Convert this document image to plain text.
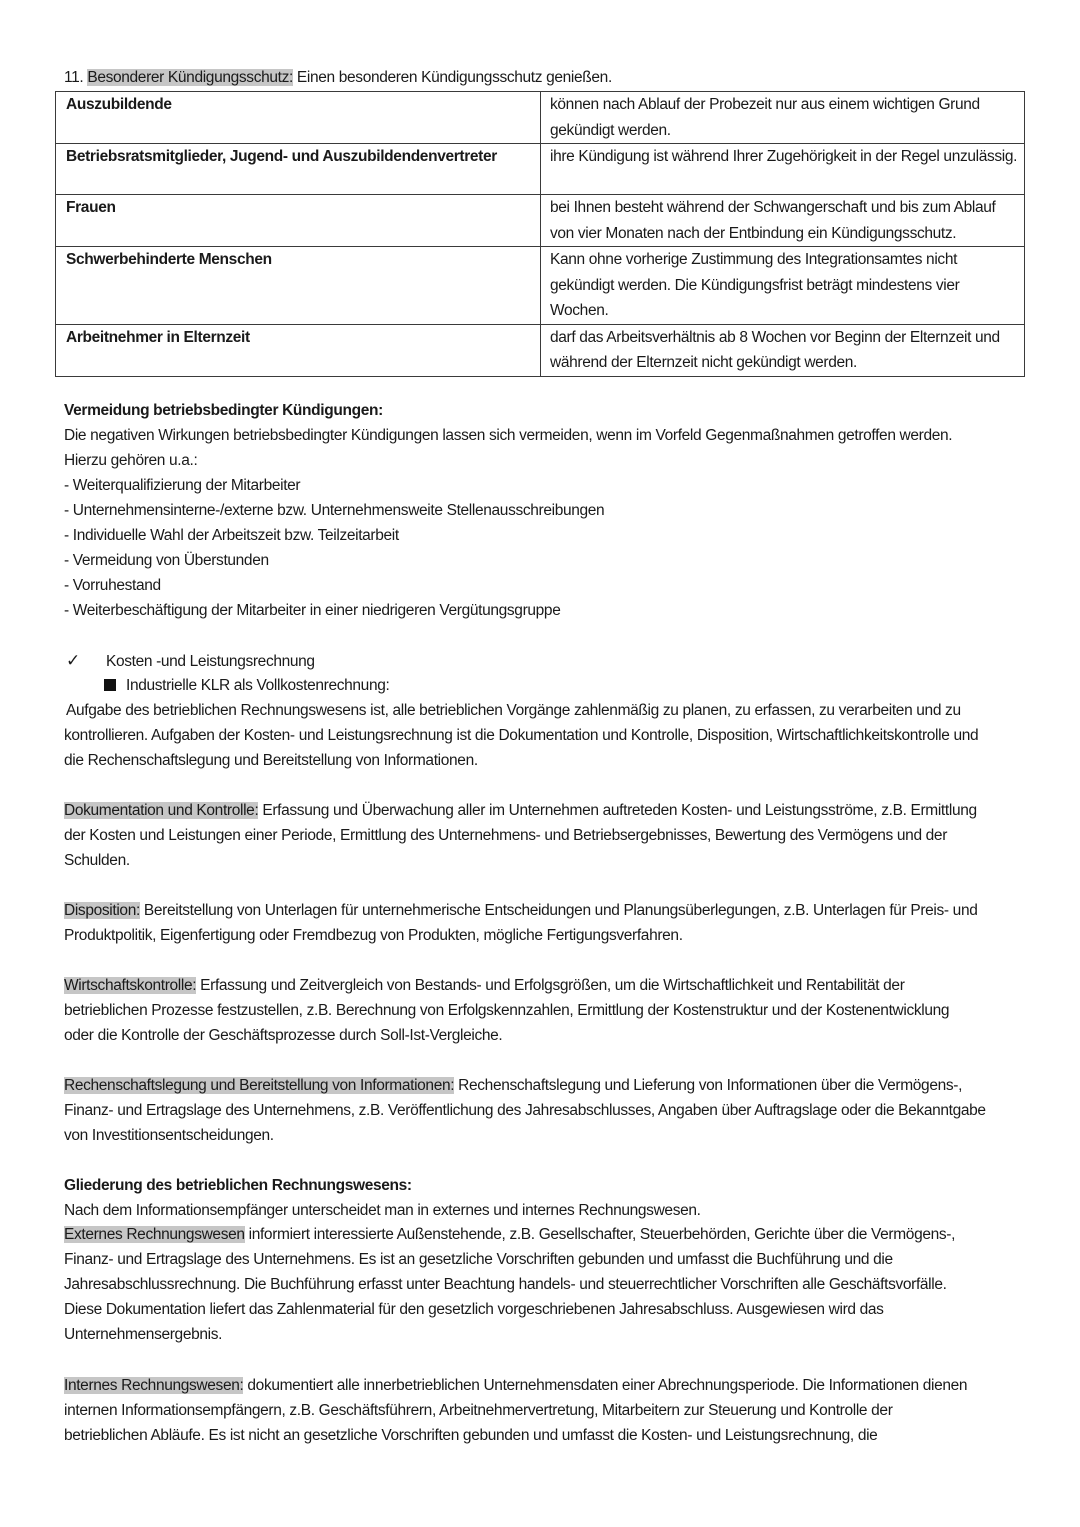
11. Besonderer Kündigungsschutz: Einen besonderen Kündigungsschutz genießen.
Auszubildende	können nach Ablauf der Probezeit nur aus einem wichtigen Grund gekündigt werden.
Betriebsratsmitglieder, Jugend- und Auszubildendenvertreter	ihre Kündigung ist während Ihrer Zugehörigkeit in der Regel unzulässig.
Frauen	bei Ihnen besteht während der Schwangerschaft und bis zum Ablauf von vier Monaten nach der Entbindung ein Kündigungsschutz.
Schwerbehinderte Menschen	Kann ohne vorherige Zustimmung des Integrationsamtes nicht gekündigt werden. Die Kündigungsfrist beträgt mindestens vier Wochen.
Arbeitnehmer in Elternzeit	darf das Arbeitsverhältnis ab 8 Wochen vor Beginn der Elternzeit und während der Elternzeit nicht gekündigt werden.
Vermeidung betriebsbedingter Kündigungen:
Die negativen Wirkungen betriebsbedingter Kündigungen lassen sich vermeiden, wenn im Vorfeld Gegenmaßnahmen getroffen werden.
Hierzu gehören u.a.:
- Weiterqualifizierung der Mitarbeiter
- Unternehmensinterne-/externe bzw. Unternehmensweite Stellenausschreibungen
- Individuelle Wahl der Arbeitszeit bzw. Teilzeitarbeit
- Vermeidung von Überstunden
- Vorruhestand
- Weiterbeschäftigung der Mitarbeiter in einer niedrigeren Vergütungsgruppe
✓ Kosten -und Leistungsrechnung
Industrielle KLR als Vollkostenrechnung:
Aufgabe des betrieblichen Rechnungswesens ist, alle betrieblichen Vorgänge zahlenmäßig zu planen, zu erfassen, zu verarbeiten und zu
kontrollieren. Aufgaben der Kosten- und Leistungsrechnung ist die Dokumentation und Kontrolle, Disposition, Wirtschaftlichkeitskontrolle und
die Rechenschaftslegung und Bereitstellung von Informationen.
Dokumentation und Kontrolle: Erfassung und Überwachung aller im Unternehmen auftreteden Kosten- und Leistungsströme, z.B. Ermittlung
der Kosten und Leistungen einer Periode, Ermittlung des Unternehmens- und Betriebsergebnisses, Bewertung des Vermögens und der
Schulden.
Disposition: Bereitstellung von Unterlagen für unternehmerische Entscheidungen und Planungsüberlegungen, z.B. Unterlagen für Preis- und
Produktpolitik, Eigenfertigung oder Fremdbezug von Produkten, mögliche Fertigungsverfahren.
Wirtschaftskontrolle: Erfassung und Zeitvergleich von Bestands- und Erfolgsgrößen, um die Wirtschaftlichkeit und Rentabilität der
betrieblichen Prozesse festzustellen, z.B. Berechnung von Erfolgskennzahlen, Ermittlung der Kostenstruktur und der Kostenentwicklung
oder die Kontrolle der Geschäftsprozesse durch Soll-Ist-Vergleiche.
Rechenschaftslegung und Bereitstellung von Informationen: Rechenschaftslegung und Lieferung von Informationen über die Vermögens-,
Finanz- und Ertragslage des Unternehmens, z.B. Veröffentlichung des Jahresabschlusses, Angaben über Auftragslage oder die Bekanntgabe
von Investitionsentscheidungen.
Gliederung des betrieblichen Rechnungswesens:
Nach dem Informationsempfänger unterscheidet man in externes und internes Rechnungswesen.
Externes Rechnungswesen informiert interessierte Außenstehende, z.B. Gesellschafter, Steuerbehörden, Gerichte über die Vermögens-,
Finanz- und Ertragslage des Unternehmens. Es ist an gesetzliche Vorschriften gebunden und umfasst die Buchführung und die
Jahresabschlussrechnung. Die Buchführung erfasst unter Beachtung handels- und steuerrechtlicher Vorschriften alle Geschäftsvorfälle.
Diese Dokumentation liefert das Zahlenmaterial für den gesetzlich vorgeschriebenen Jahresabschluss. Ausgewiesen wird das
Unternehmensergebnis.
Internes Rechnungswesen: dokumentiert alle innerbetrieblichen Unternehmensdaten einer Abrechnungsperiode. Die Informationen dienen
internen Informationsempfängern, z.B. Geschäftsführern, Arbeitnehmervertretung, Mitarbeitern zur Steuerung und Kontrolle der
betrieblichen Abläufe. Es ist nicht an gesetzliche Vorschriften gebunden und umfasst die Kosten- und Leistungsrechnung, die
